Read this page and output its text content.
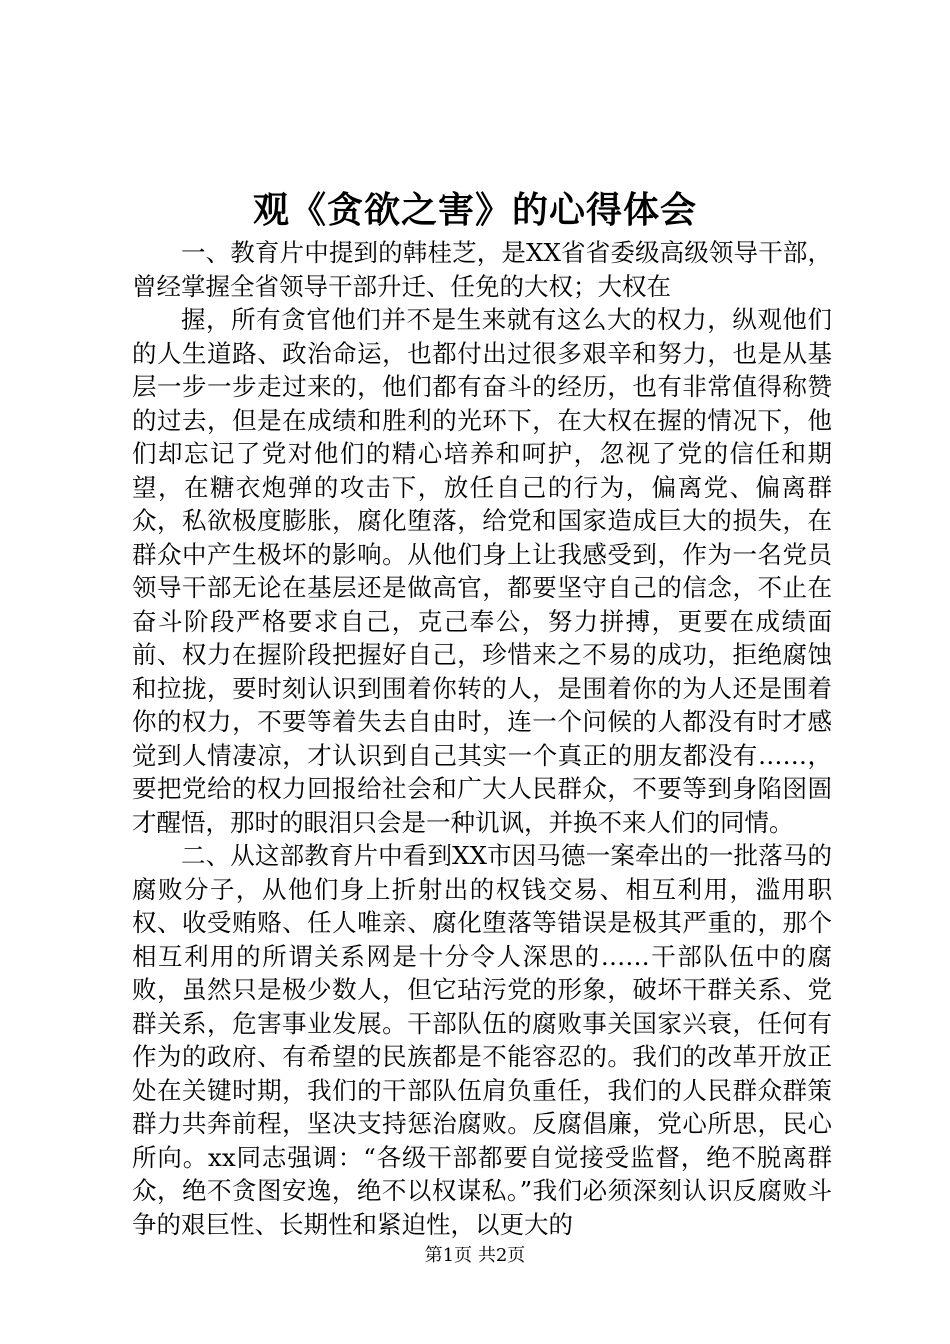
观《贪欲之害》的心得体会

一、教育片中提到的韩桂芝，是XX省省委级高级领导干部，曾经掌握全省领导干部升迁、任免的大权；大权在

握，所有贪官他们并不是生来就有这么大的权力，纵观他们的人生道路、政治命运，也都付出过很多艰辛和努力，也是从基层一步一步走过来的，他们都有奋斗的经历，也有非常值得称赞的过去，但是在成绩和胜利的光环下，在大权在握的情况下，他们却忘记了党对他们的精心培养和呵护，忽视了党的信任和期望，在糖衣炮弹的攻击下，放任自己的行为，偏离党、偏离群众，私欲极度膨胀，腐化堕落，给党和国家造成巨大的损失，在群众中产生极坏的影响。从他们身上让我感受到，作为一名党员领导干部无论在基层还是做高官，都要坚守自己的信念，不止在奋斗阶段严格要求自己，克己奉公，努力拼搏，更要在成绩面前、权力在握阶段把握好自己，珍惜来之不易的成功，拒绝腐蚀和拉拢，要时刻认识到围着你转的人，是围着你的为人还是围着你的权力，不要等着失去自由时，连一个问候的人都没有时才感觉到人情凄凉，才认识到自己其实一个真正的朋友都没有……，要把党给的权力回报给社会和广大人民群众，不要等到身陷囹圄才醒悟，那时的眼泪只会是一种讥讽，并换不来人们的同情。

二、从这部教育片中看到XX市因马德一案牵出的一批落马的腐败分子，从他们身上折射出的权钱交易、相互利用，滥用职权、收受贿赂、任人唯亲、腐化堕落等错误是极其严重的，那个相互利用的所谓关系网是十分令人深思的……干部队伍中的腐败，虽然只是极少数人，但它玷污党的形象，破坏干群关系、党群关系，危害事业发展。干部队伍的腐败事关国家兴衰，任何有作为的政府、有希望的民族都是不能容忍的。我们的改革开放正处在关键时期，我们的干部队伍肩负重任，我们的人民群众群策群力共奔前程，坚决支持惩治腐败。反腐倡廉，党心所思，民心所向。xx同志强调：“各级干部都要自觉接受监督，绝不脱离群众，绝不贪图安逸，绝不以权谋私。”我们必须深刻认识反腐败斗争的艰巨性、长期性和紧迫性，以更大的

第1页 共2页
